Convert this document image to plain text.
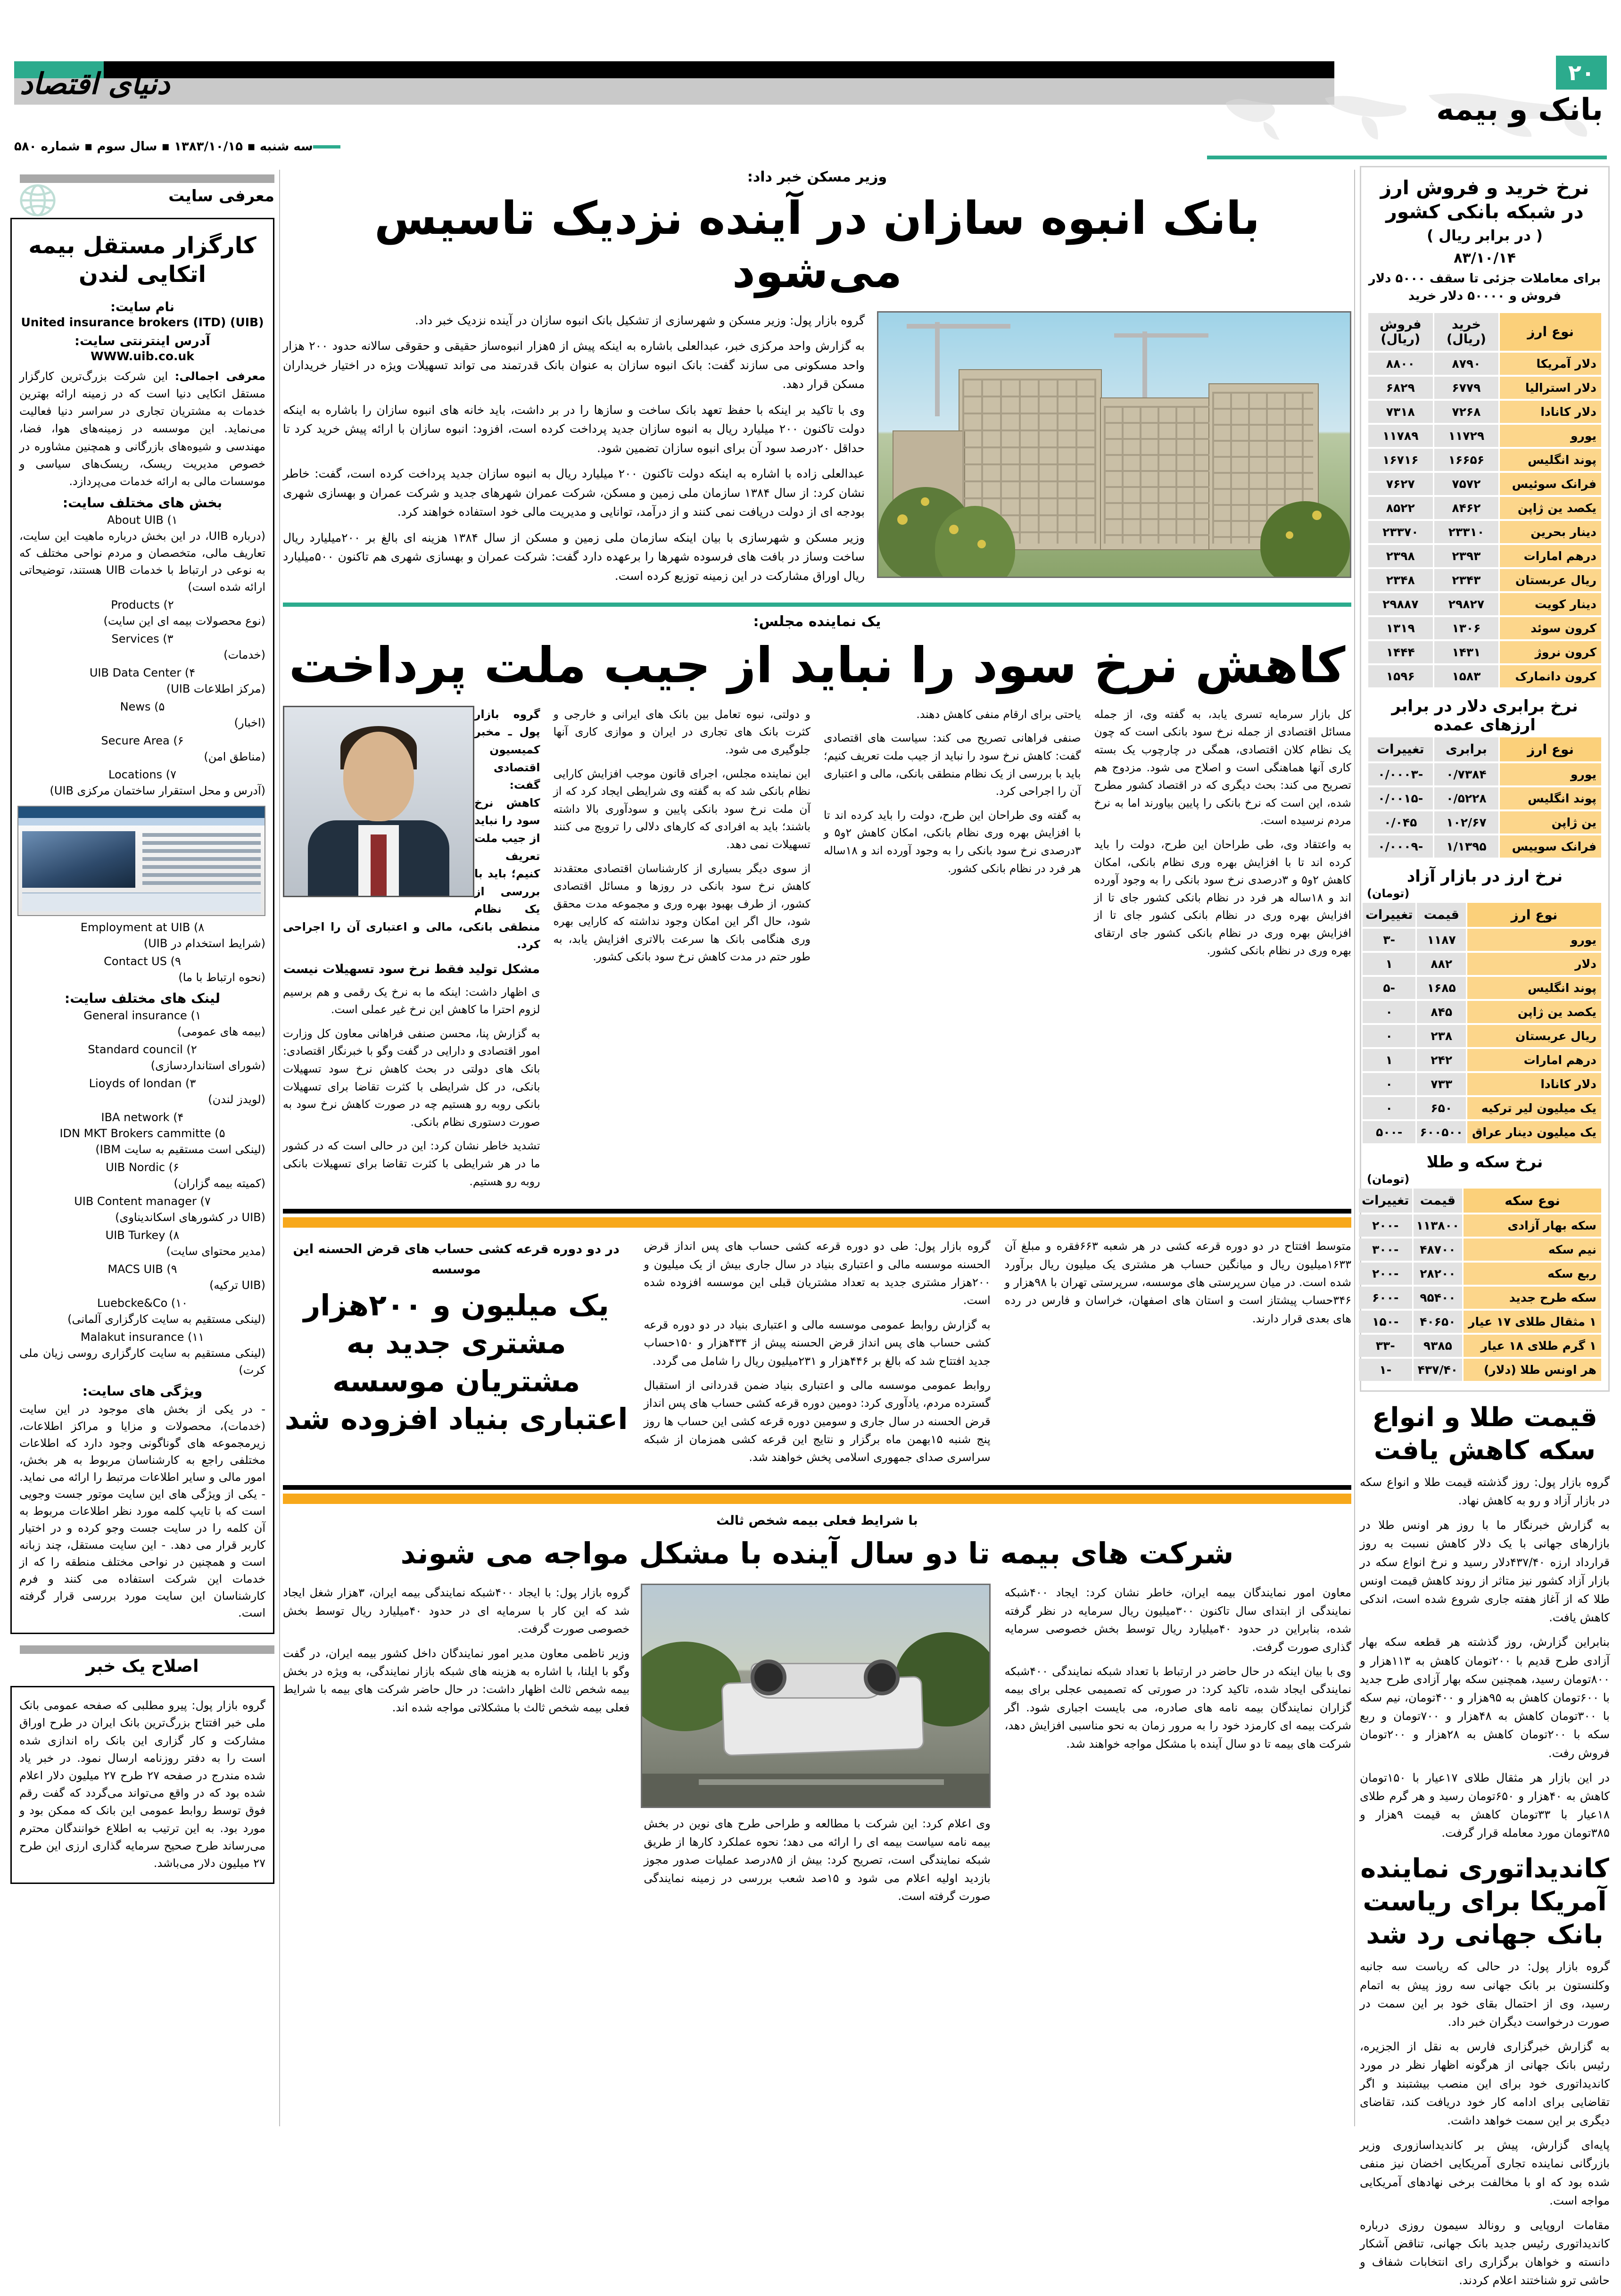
دنیای اقتصاد	۲۰
بانک و بیمه
سه شنبه ▪ ۱۳۸۳/۱۰/۱۵ ▪ سال سوم ▪ شماره ۵۸۰
معرفی سایت
کارگزار مستقل بیمه اتکایی لندن
نام سایت:
United insurance brokers (ITD) (UIB)
آدرس اینترنتی سایت:
WWW.uib.co.uk

معرفی اجمالی: این شرکت بزرگ‌ترین کارگزار مستقل اتکایی دنیا است که در زمینه ارائه بهترین خدمات به مشتریان تجاری در سراسر دنیا فعالیت می‌نماید. این موسسه در زمینه‌های هوا، فضا، مهندسی و شیوه‌های بازرگانی و همچنین مشاوره در خصوص مدیریت ریسک، ریسک‌های سیاسی و موسسات مالی به ارائه خدمات می‌پردازد.

بخش های مختلف سایت:
۱) About UIB
(درباره UIB، در این بخش درباره ماهیت این سایت، تعاریف مالی، متخصصان و مردم نواحی مختلف که به نوعی در ارتباط با خدمات UIB هستند، توضیحاتی ارائه شده است)
۲) Products
(نوع محصولات بیمه ای این سایت)
۳) Services
(خدمات)
۴) UIB Data Center
(مرکز اطلاعات UIB)
۵) News
(اخبار)
۶) Secure Area
(مناطق امن)
۷) Locations
(آدرس و محل استقرار ساختمان مرکزی UIB)
۸) Employment at UIB
(شرایط استخدام در UIB)
۹) Contact US
(نحوه ارتباط با ما)
لینک های مختلف سایت:
۱) General insurance
(بیمه های عمومی)
۲) Standard council
(شورای استانداردسازی)
۳) Lioyds of londan
(لویدز لندن)
۴) IBA network
۵) IDN MKT Brokers cammitte
(لینکی است مستقیم به سایت IBM)
۶) UIB Nordic
(کمیته بیمه گزاران)
۷) UIB Content manager
(UIB در کشورهای اسکاندیناوی)
۸) UIB Turkey
(مدیر محتوای سایت)
۹) MACS UIB
(UIB ترکیه)
۱۰) Luebcke&Co
(لینکی مستقیم به سایت کارگزاری آلمانی)
۱۱) Malakut insurance
(لینکی مستقیم به سایت کارگزاری روسی زیان ملی کرت)
ویژگی های سایت:

- در یکی از بخش های موجود در این سایت (خدمات)، محصولات و مزایا و مراکز اطلاعات، زیرمجموعه های گوناگونی وجود دارد که اطلاعات مختلفی راجع به کارشناسان مربوط به هر بخش، امور مالی و سایر اطلاعات مرتبط را ارائه می نماید. - یکی از ویژگی های این سایت موتور جست وجویی است که با تایپ کلمه مورد نظر اطلاعات مربوط به آن کلمه را در سایت جست وجو کرده و در اختیار کاربر قرار می دهد. - این سایت مستقل، چند زبانه است و همچنین در نواحی مختلف منطقه را که از خدمات این شرکت استفاده می کنند و فرم کارشناسان این سایت مورد بررسی قرار گرفته است.

اصلاح یک خبر

گروه بازار پول: پیرو مطلبی که صفحه عمومی بانک ملی خبر افتتاح بزرگ‌ترین بانک ایران در طرح اوراق مشارکت و کار گزاری این بانک راه اندازی شده است را به دفتر روزنامه ارسال نمود. در خبر یاد شده مندرج در صفحه ۲۷ طرح ۲۷ میلیون دلار اعلام شده بود که در واقع می‌تواند می‌گردد که گفت رقم فوق توسط روابط عمومی این بانک که ممکن بود و مورد بود. به این ترتیب به اطلاع خوانندگان محترم می‌رساند طرح صحیح سرمایه گذاری ارزی این طرح ۲۷ میلیون دلار می‌باشد.

وزیر مسکن خبر داد:
بانک انبوه سازان در آینده نزدیک تاسیس می‌شود

گروه بازار پول: وزیر مسکن و شهرسازی از تشکیل بانک انبوه سازان در آینده نزدیک خبر داد.

به گزارش واحد مرکزی خبر، عبدالعلی باشاره به اینکه پیش از ۵هزار انبوه‌ساز حقیقی و حقوقی سالانه حدود ۲۰۰ هزار واحد مسکونی می سازند گفت: بانک انبوه سازان به عنوان بانک قدرتمند می تواند تسهیلات ویژه در اختیار خریداران مسکن قرار دهد.

وی با تاکید بر اینکه با حفظ تعهد بانک ساخت و سازها را در بر داشت، باید خانه های انبوه سازان را باشاره به اینکه دولت تاکنون ۲۰۰ میلیارد ریال به انبوه سازان جدید پرداخت کرده است، افزود: انبوه سازان با ارائه پیش خرید کرد تا حداقل ۲۰درصد سود آن برای انبوه سازان تضمین شود.

عبدالعلی زاده با اشاره به اینکه دولت تاکنون ۲۰۰ میلیارد ریال به انبوه سازان جدید پرداخت کرده است، گفت: خاطر نشان کرد: از سال ۱۳۸۴ سازمان ملی زمین و مسکن، شرکت عمران شهرهای جدید و شرکت عمران و بهسازی شهری بودجه ای از دولت دریافت نمی کنند و از درآمد، توانایی و مدیریت مالی خود استفاده خواهند کرد.

وزیر مسکن و شهرسازی با بیان اینکه سازمان ملی زمین و مسکن از سال ۱۳۸۴ هزینه ای بالغ بر ۲۰۰میلیارد ریال ساخت وساز در بافت های فرسوده شهرها را برعهده دارد گفت: شرکت عمران و بهسازی شهری هم تاکنون ۵۰۰میلیارد ریال اوراق مشارکت در این زمینه توزیع کرده است.

یک نماینده مجلس:
کاهش نرخ سود را نباید از جیب ملت پرداخت

کل بازار سرمایه تسری یابد، به گفته وی، از جمله مسائل اقتصادی از جمله نرخ سود بانکی است که چون یک نظام کلان اقتصادی، همگی در چارچوب یک بسته کاری آنها هماهنگی است و اصلاح می شود. مزدوج هم تصریح می کند: بحث دیگری که در اقتصاد کشور مطرح شده، این است که نرخ بانکی را پایین بیاورند اما به نرخ مردم نرسیده است.

به واعتقاد وی، طی طراحان این طرح، دولت را باید کرده اند تا با افزایش بهره وری نظام بانکی، امکان کاهش ۲و۵ و ۳درصدی نرخ سود بانکی را به وجود آورده اند و ۱۸ساله هر فرد در نظام بانکی کشور جای تا از افزایش بهره وری در نظام بانکی کشور جای تا از افزایش بهره وری در نظام بانکی کشور جای ارتقای بهره وری در نظام بانکی کشور.

یاحتی برای ارقام منفی کاهش دهند.

صنفی فراهانی تصریح می کند: سیاست های اقتصادی گفت: کاهش نرخ سود را نباید از جیب ملت تعریف کنیم؛ باید با بررسی از یک نظام منطقی بانکی، مالی و اعتباری آن را اجراحی کرد.

به گفته وی طراحان این طرح، دولت را باید کرده اند تا با افزایش بهره وری نظام بانکی، امکان کاهش ۲و۵ و ۳درصدی نرخ سود بانکی را به وجود آورده اند و ۱۸ساله هر فرد در نظام بانکی کشور.

و دولتی، نبوه تعامل بین بانک های ایرانی و خارجی و کثرت بانک های تجاری در ایران و موازی کاری آنها جلوگیری می شود.

این نماینده مجلس، اجرای قانون موجب افزایش کارایی نظام بانکی شد که به گفته وی شرایطی ایجاد کرد که از آن ملت نرخ سود بانکی پایین و سودآوری بالا داشته باشند؛ باید به افرادی که کارهای دلالی را ترویج می کنند تسهیلات نمی دهد.

از سوی دیگر بسیاری از کارشناسان اقتصادی معتقدند کاهش نرخ سود بانکی در روزها و مسائل اقتصادی کشور، از طرف بهبود بهره وری و مجموعه مدت محقق شود، حال اگر این امکان وجود نداشته که کارایی بهره وری هنگامی بانک ها سرعت بالاتری افزایش یابد، به طور حتم در مدت کاهش نرخ سود بانکی کشور.

گروه بازار پول ـ مخبر کمیسیون اقتصادی گفت: کاهش نرخ سود را نباید از جیب ملت تعریف کنیم؛ باید با بررسی از یک نظام منطقی بانکی، مالی و اعتباری آن را اجراحی کرد.

مشکل تولید فقط نرخ سود تسهیلات نیست

ی اظهار داشت: اینکه ما به نرخ یک رقمی و هم برسیم لزوم احترا ما کاهش این نرخ غیر عملی است.

به گزارش پنا، محسن صنفی فراهانی معاون کل وزارت امور اقتصادی و دارایی در گفت وگو با خبرنگار اقتصادی: بانک های دولتی در بحث کاهش نرخ سود تسهیلات بانکی، در کل شرایطی با کثرت تقاضا برای تسهیلات بانکی روبه رو هستیم چه در صورت کاهش نرخ سود به صورت دستوری نظام بانکی.

تشدید خاطر نشان کرد: این در حالی است که در کشور ما در هر شرایطی با کثرت تقاضا برای تسهیلات بانکی روبه رو هستیم.

متوسط افتتاح در دو دوره قرعه کشی در هر شعبه ۶۶۳فقره و مبلغ آن ۱۶۳۳میلیون ریال و میانگین حساب هر مشتری یک میلیون ریال برآورد شده است. در میان سرپرستی های موسسه، سرپرستی تهران با ۹۸هزار و ۳۴۶حساب پیشتاز است و استان های اصفهان، خراسان و فارس در رده های بعدی قرار دارند.

گروه بازار پول: طی دو دوره قرعه کشی حساب های پس انداز قرض الحسنه موسسه مالی و اعتباری بنیاد در سال جاری بیش از یک میلیون و ۲۰۰هزار مشتری جدید به تعداد مشتریان قبلی این موسسه افزوده شده است.

به گزارش روابط عمومی موسسه مالی و اعتباری بنیاد در دو دوره قرعه کشی حساب های پس انداز قرض الحسنه پیش از ۴۳۴هزار و ۱۵۰حساب جدید افتتاح شد که بالغ بر ۴۴۶هزار و ۲۳۱میلیون ریال را شامل می گردد.

روابط عمومی موسسه مالی و اعتباری بنیاد ضمن قدردانی از استقبال گسترده مردم، یادآوری کرد: دومین دوره قرعه کشی حساب های پس انداز قرض الحسنه در سال جاری و سومین دوره قرعه کشی این حساب ها روز پنج شنبه ۱۵بهمن ماه برگزار و نتایج این قرعه کشی همزمان از شبکه سراسری صدای جمهوری اسلامی پخش خواهند شد.

در دو دوره قرعه کشی حساب های قرض الحسنه این موسسه
یک میلیون و ۲۰۰هزار مشتری جدید به مشتریان موسسه اعتباری بنیاد افزوده شد
با شرایط فعلی بیمه شخص ثالث
شرکت های بیمه تا دو سال آینده با مشکل مواجه می شوند

معاون امور نمایندگان بیمه ایران، خاطر نشان کرد: ایجاد ۴۰۰شبکه نمایندگی از ابتدای سال تاکنون ۳۰۰میلیون ریال سرمایه در نظر گرفته شده، بنابراین در حدود ۴۰میلیارد ریال توسط بخش خصوصی سرمایه گذاری صورت گرفت.

وی با بیان اینکه در حال حاضر در ارتباط با تعداد شبکه نمایندگی ۴۰۰شبکه نمایندگی ایجاد شده، تاکید کرد: در صورتی که تصمیمی عجلی برای بیمه گزاران نمایندگان بیمه نامه های صادره، می بایست اجباری شود. اگر شرکت بیمه ای کارمزد خود را به مرور زمان به نحو مناسبی افزایش دهد، شرکت های بیمه تا دو سال آینده با مشکل مواجه خواهند شد.

وی اعلام کرد: این شرکت با مطالعه و طراحی طرح های نوین در بخش بیمه نامه سیاست بیمه ای را ارائه می دهد؛ نحوه عملکرد کارها از طریق شبکه نمایندگی است، تصریح کرد: بیش از ۸۵درصد عملیات صدور مجوز بازدید اولیه اعلام می شود و ۱۵صد شعب بررسی در زمینه نمایندگی صورت گرفته است.

گروه بازار پول: با ایجاد ۴۰۰شبکه نمایندگی بیمه ایران، ۳هزار شغل ایجاد شد که این کار با سرمایه ای در حدود ۴۰میلیارد ریال توسط بخش خصوصی صورت گرفت.

وزیر ناظمی معاون مدیر امور نمایندگان داخل کشور بیمه ایران، در گفت وگو با ایلنا، با اشاره به هزینه های شبکه بازار نمایندگی، به ویژه در بخش بیمه شخص ثالث اظهار داشت: در حال حاضر شرکت های بیمه با شرایط فعلی بیمه شخص ثالث با مشکلاتی مواجه شده اند.

نرخ خرید و فروش ارز در شبکه بانکی کشور
( در برابر ریال )
۸۳/۱۰/۱۴
برای معاملات جزئی تا سقف ۵۰۰۰ دلار فروش و ۵۰۰۰۰ دلار خرید
نوع ارز	خرید (ریال)	فروش (ریال)
دلار آمریکا	۸۷۹۰	۸۸۰۰
دلار استرالیا	۶۷۷۹	۶۸۲۹
دلار کانادا	۷۲۶۸	۷۳۱۸
یورو	۱۱۷۲۹	۱۱۷۸۹
پوند انگلیس	۱۶۶۵۶	۱۶۷۱۶
فرانک سوئیس	۷۵۷۲	۷۶۲۷
یکصد ین ژاپن	۸۴۶۲	۸۵۲۲
دینار بحرین	۲۳۳۱۰	۲۳۳۷۰
درهم امارات	۲۳۹۳	۲۳۹۸
ریال عربستان	۲۳۴۳	۲۳۴۸
دینار کویت	۲۹۸۲۷	۲۹۸۸۷
کرون سوئد	۱۳۰۶	۱۳۱۹
کرون نروژ	۱۴۳۱	۱۴۴۴
کرون دانمارک	۱۵۸۳	۱۵۹۶
نرخ برابری دلار در برابر ارزهای عمده
نوع ارز	برابری	تغییرات
یورو	۰/۷۳۸۴	-۰/۰۰۰۳
پوند انگلیس	۰/۵۲۲۸	-۰/۰۰۱۵
ین ژاپن	۱۰۲/۶۷	۰/۰۴۵
فرانک سوییس	۱/۱۳۹۵	-۰/۰۰۰۹
نرخ ارز در بازار آزاد
(تومان)
نوع ارز	قیمت	تغییرات
یورو	۱۱۸۷	-۳
دلار	۸۸۲	۱
پوند انگلیس	۱۶۸۵	-۵
یکصد ین ژاپن	۸۴۵	۰
ریال عربستان	۲۳۸	۰
درهم امارات	۲۴۲	۱
دلار کانادا	۷۳۳	۰
یک میلیون لیر ترکیه	۶۵۰	۰
یک میلیون دینار عراق	۶۰۰۵۰۰	-۵۰۰
نرخ سکه و طلا
(تومان)
نوع سکه	قیمت	تغییرات
سکه بهار آزادی	۱۱۳۸۰۰	-۲۰۰
نیم سکه	۴۸۷۰۰	-۳۰۰
ربع سکه	۲۸۲۰۰	-۲۰۰
سکه طرح جدید	۹۵۴۰۰	-۶۰۰
۱ مثقال طلای ۱۷ عیار	۴۰۶۵۰	-۱۵۰
۱ گرم طلای ۱۸ عیار	۹۳۸۵	-۳۳
هر اونس طلا (دلار)	۴۳۷/۴۰	-۱
قیمت طلا و انواع سکه کاهش یافت

گروه بازار پول: روز گذشته قیمت طلا و انواع سکه در بازار آزاد و رو به کاهش نهاد.

به گزارش خبرنگار ما با روز هر اونس طلا در بازارهای جهانی با یک دلار کاهش نسبت به روز قرارداد ارزه ۴۳۷/۴۰دلار رسید و نرخ انواع سکه در بازار آزاد کشور نیز متاثر از روند کاهش قیمت اونس طلا که از آغاز هفته جاری شروع شده است، اندکی کاهش یافت.

بنابراین گزارش، روز گذشته هر قطعه سکه بهار آزادی طرح قدیم با ۲۰۰تومان کاهش به ۱۱۳هزار و ۸۰۰تومان رسید، همچنین سکه بهار آزادی طرح جدید با ۶۰۰تومان کاهش به ۹۵هزار و ۴۰۰تومان، نیم سکه با ۳۰۰تومان کاهش به ۴۸هزار و ۷۰۰تومان و ربع سکه با ۲۰۰تومان کاهش به ۲۸هزار و ۲۰۰تومان فروش رفت.

در این بازار هر مثقال طلای ۱۷عیار با ۱۵۰تومان کاهش به ۴۰هزار و ۶۵۰تومان رسید و هر گرم طلای ۱۸عیار با ۳۳تومان کاهش به قیمت ۹هزار و ۳۸۵تومان مورد معامله قرار گرفت.

کاندیداتوری نماینده آمریکا برای ریاست بانک جهانی رد شد

گروه بازار پول: در حالی که ریاست سه جانبه وکلنستون بر بانک جهانی سه روز پیش به اتمام رسید، وی از احتمال بقای خود بر این سمت در صورت درخواست دیگران خبر داد.

به گزارش خبرگزاری فارس به نقل از الجزیره، رئیس بانک جهانی از هرگونه اظهار نظر در مورد کاندیداتوری خود برای این منصب بیشتبند و اگر تقاضایی برای ادامه کار خود دریافت کند، تقاضای دیگری بر این سمت خواهد داشت.

پایه‌ای گزارش، پیش بر کاندیداسازوری وزیر بازرگانی نماینده تجاری آمریکایی اخضان نیز منفی شده بود که او با مخالفت برخی نهادهای آمریکایی مواجه است.

مقامات اروپایی و رونالد سیمون روزی درباره کاندیداتوری رئیس جدید بانک جهانی، تناقض آشکار دانسته و خواهان برگزاری رای انتخابات شفاف و حاشی ترو شناختند اعلام کردند.
